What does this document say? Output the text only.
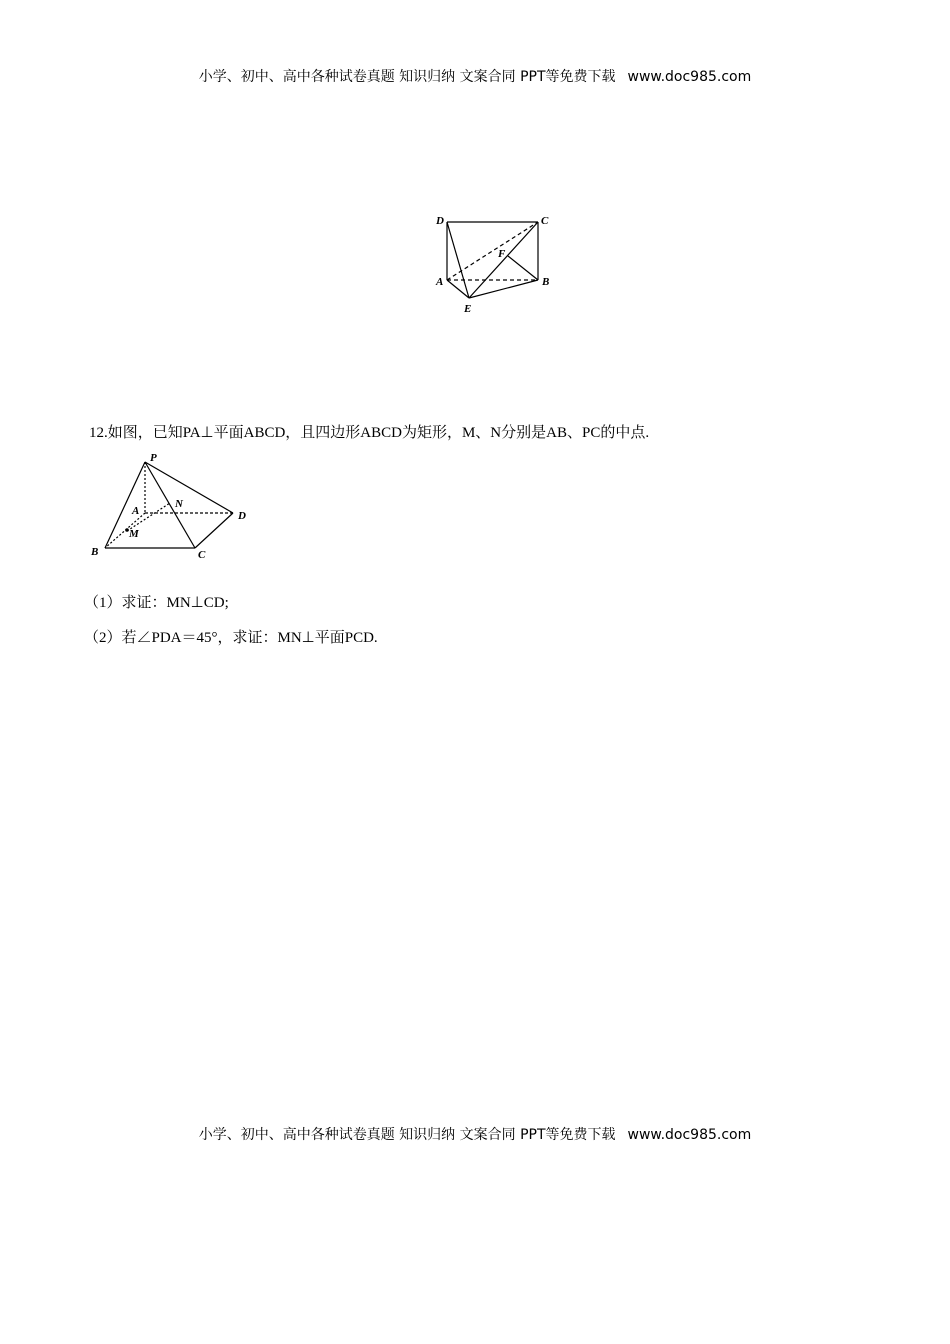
小学、初中、高中各种试卷真题 知识归纳 文案合同 PPT等免费下载 www.doc985.com
D	C
F
A	B
E
P
N
A	D
M
B	C
12.如图，已知PA⊥平面ABCD，且四边形ABCD为矩形，M、N分别是AB、PC的中点.
（1）求证：MN⊥CD;
（2）若∠PDA＝45°，求证：MN⊥平面PCD.
小学、初中、高中各种试卷真题 知识归纳 文案合同 PPT等免费下载 www.doc985.com
